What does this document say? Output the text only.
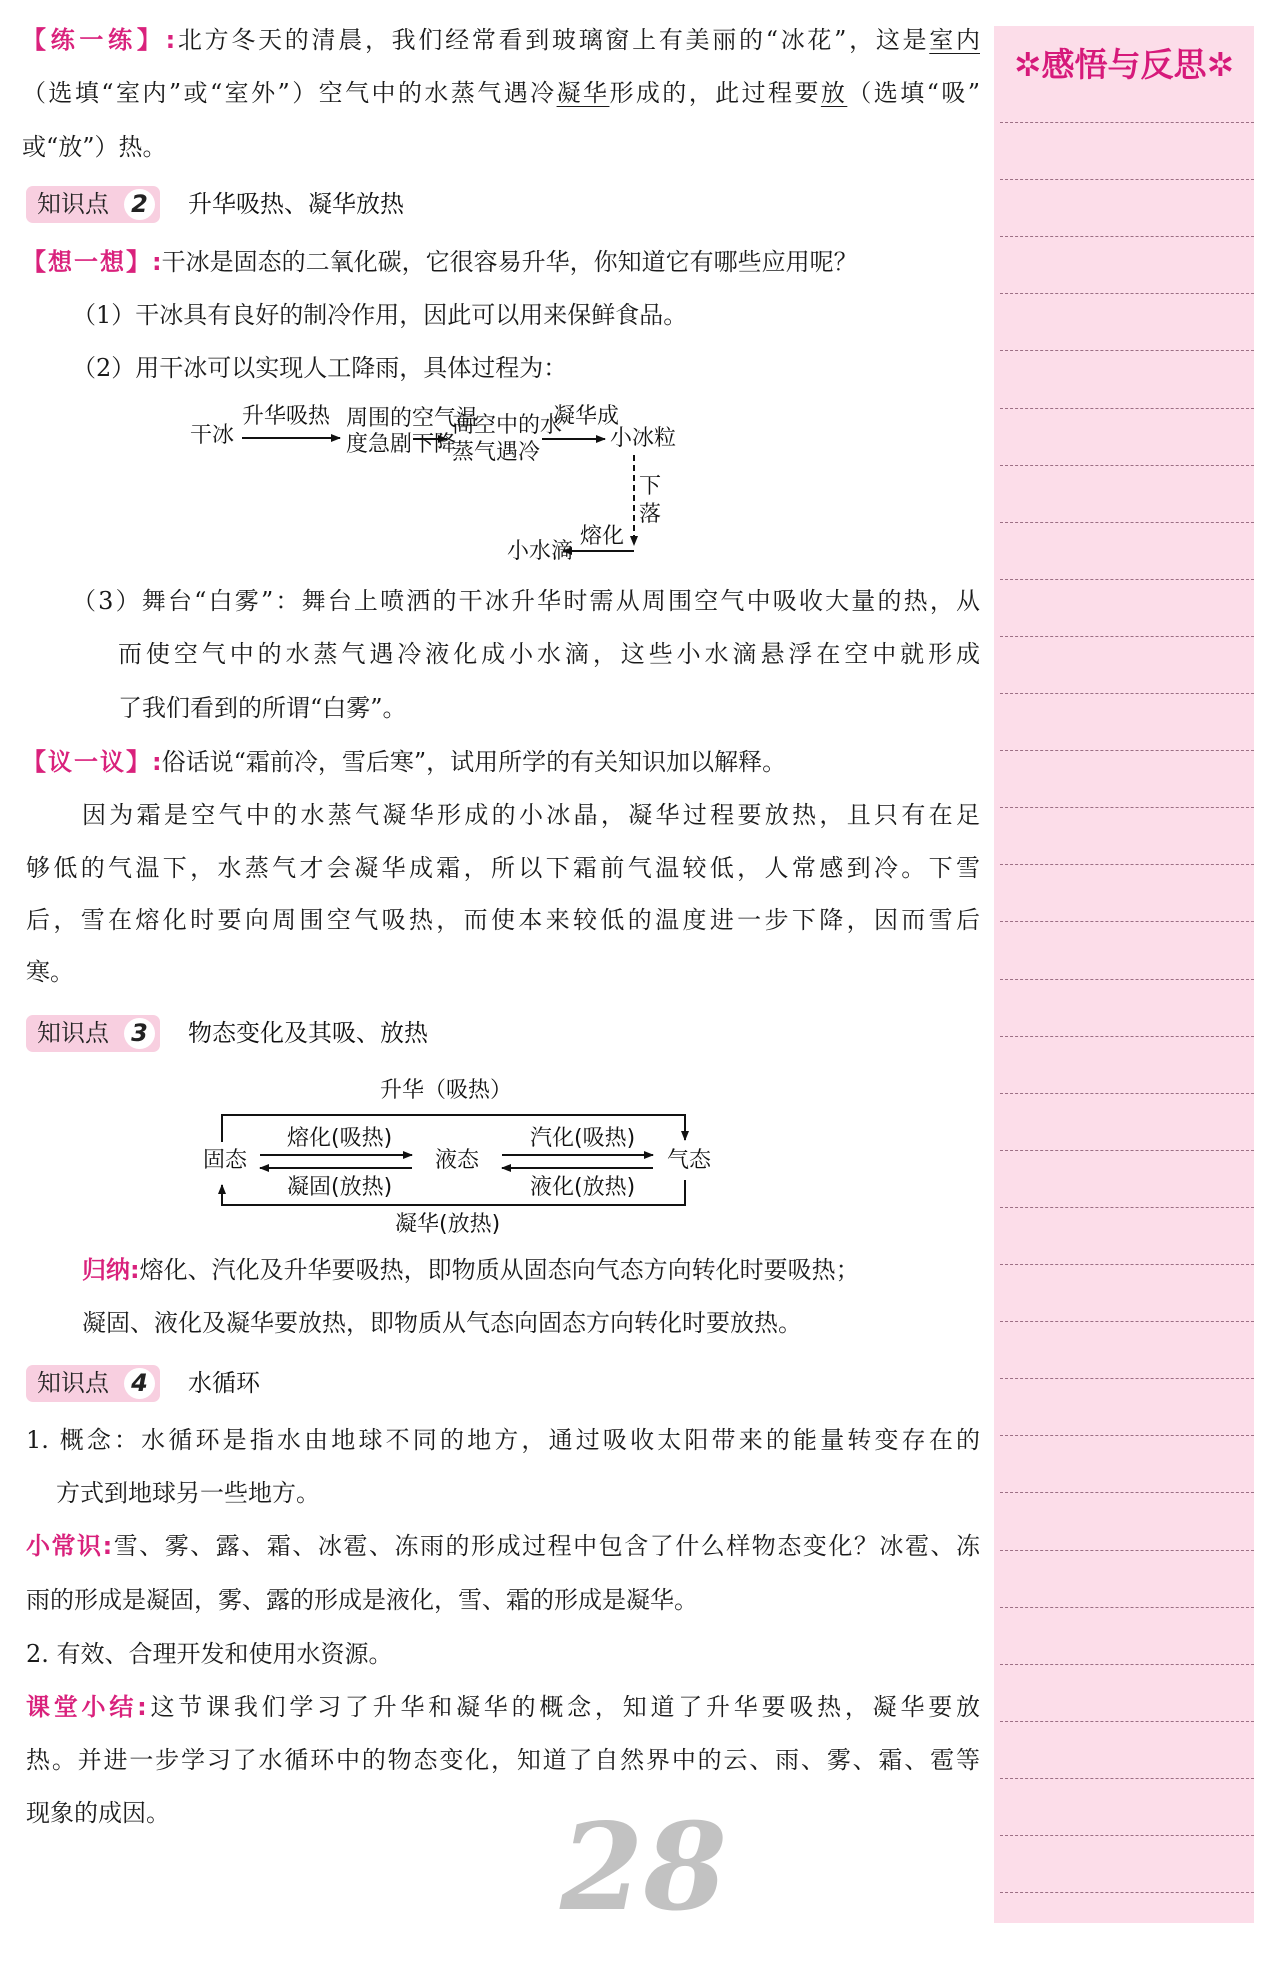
【练一练】:北方冬天的清晨，我们经常看到玻璃窗上有美丽的“冰花”，这是室内
（选填“室内”或“室外”）空气中的水蒸气遇冷凝华形成的，此过程要放（选填“吸”
或“放”）热。
知识点 2 升华吸热、凝华放热
【想一想】:干冰是固态的二氧化碳，它很容易升华，你知道它有哪些应用呢？
（1）干冰具有良好的制冷作用，因此可以用来保鲜食品。
（2）用干冰可以实现人工降雨，具体过程为：
干冰
升华吸热 周围的空气温
度急剧下降
高空中的水
蒸气遇冷
凝华成
小冰粒
下
落
熔化
小水滴
（3）舞台“白雾”：舞台上喷洒的干冰升华时需从周围空气中吸收大量的热，从
而使空气中的水蒸气遇冷液化成小水滴，这些小水滴悬浮在空中就形成
了我们看到的所谓“白雾”。
【议一议】:俗话说“霜前冷，雪后寒”，试用所学的有关知识加以解释。
因为霜是空气中的水蒸气凝华形成的小冰晶，凝华过程要放热，且只有在足
够低的气温下，水蒸气才会凝华成霜，所以下霜前气温较低，人常感到冷。下雪
后，雪在熔化时要向周围空气吸热，而使本来较低的温度进一步下降，因而雪后
寒。
知识点 3 物态变化及其吸、放热
升华（吸热）
固态	液态	气态
熔化(吸热)
凝固(放热)
汽化(吸热)
液化(放热)
凝华(放热)
归纳:熔化、汽化及升华要吸热，即物质从固态向气态方向转化时要吸热；
凝固、液化及凝华要放热，即物质从气态向固态方向转化时要放热。
知识点 4 水循环
1. 概念：水循环是指水由地球不同的地方，通过吸收太阳带来的能量转变存在的
方式到地球另一些地方。
小常识:雪、雾、露、霜、冰雹、冻雨的形成过程中包含了什么样物态变化？冰雹、冻
雨的形成是凝固，雾、露的形成是液化，雪、霜的形成是凝华。
2. 有效、合理开发和使用水资源。
课堂小结:这节课我们学习了升华和凝华的概念，知道了升华要吸热，凝华要放
热。并进一步学习了水循环中的物态变化，知道了自然界中的云、雨、雾、霜、雹等
现象的成因。	28
✲感悟与反思✲
